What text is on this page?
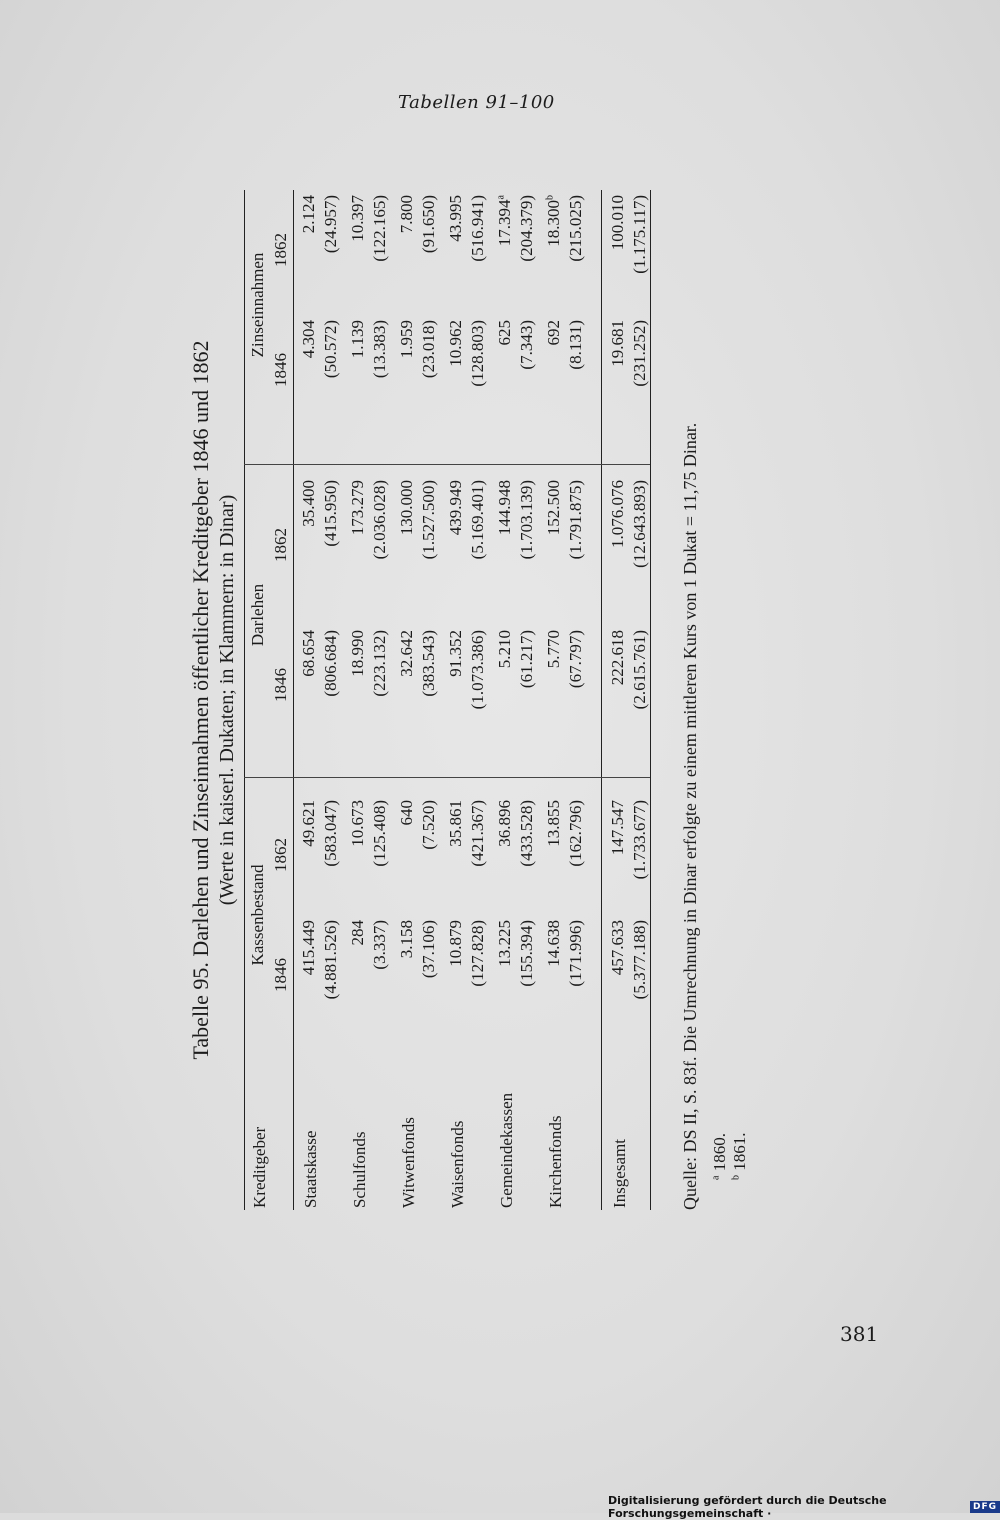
Tabellen 91–100
Tabelle 95. Darlehen und Zinseinnahmen öffentlicher Kreditgeber 1846 und 1862 (Werte in kaiserl. Dukaten; in Klammern: in Dinar)
Kreditgeber
Kassenbestand
Darlehen
Zinseinnahmen
1846
1862
1846
1862
1846
1862
Staatskasse
415.449
49.621
68.654
35.400
4.304
2.124
(4.881.526)
(583.047)
(806.684)
(415.950)
(50.572)
(24.957)
Schulfonds
284
10.673
18.990
173.279
1.139
10.397
(3.337)
(125.408)
(223.132)
(2.036.028)
(13.383)
(122.165)
Witwenfonds
3.158
640
32.642
130.000
1.959
7.800
(37.106)
(7.520)
(383.543)
(1.527.500)
(23.018)
(91.650)
Waisenfonds
10.879
35.861
91.352
439.949
10.962
43.995
(127.828)
(421.367)
(1.073.386)
(5.169.401)
(128.803)
(516.941)
Gemeindekassen
13.225
36.896
5.210
144.948
625
17.394$^a$
(155.394)
(433.528)
(61.217)
(1.703.139)
(7.343)
(204.379)
Kirchenfonds
14.638
13.855
5.770
152.500
692
18.300$^b$
(171.996)
(162.796)
(67.797)
(1.791.875)
(8.131)
(215.025)
Insgesamt
457.633
147.547
222.618
1.076.076
19.681
100.010
(5.377.188)
(1.733.677)
(2.615.761)
(12.643.893)
(231.252)
(1.175.117)
Quelle: DS II, S. 83f. Die Umrechnung in Dinar erfolgte zu einem mittleren Kurs von 1 Dukat = 11,75 Dinar. $^a$ 1860.
$^b$ 1861.
381
Digitalisierung gefördert durch die Deutsche Forschungsgemeinschaft ·	DFG
